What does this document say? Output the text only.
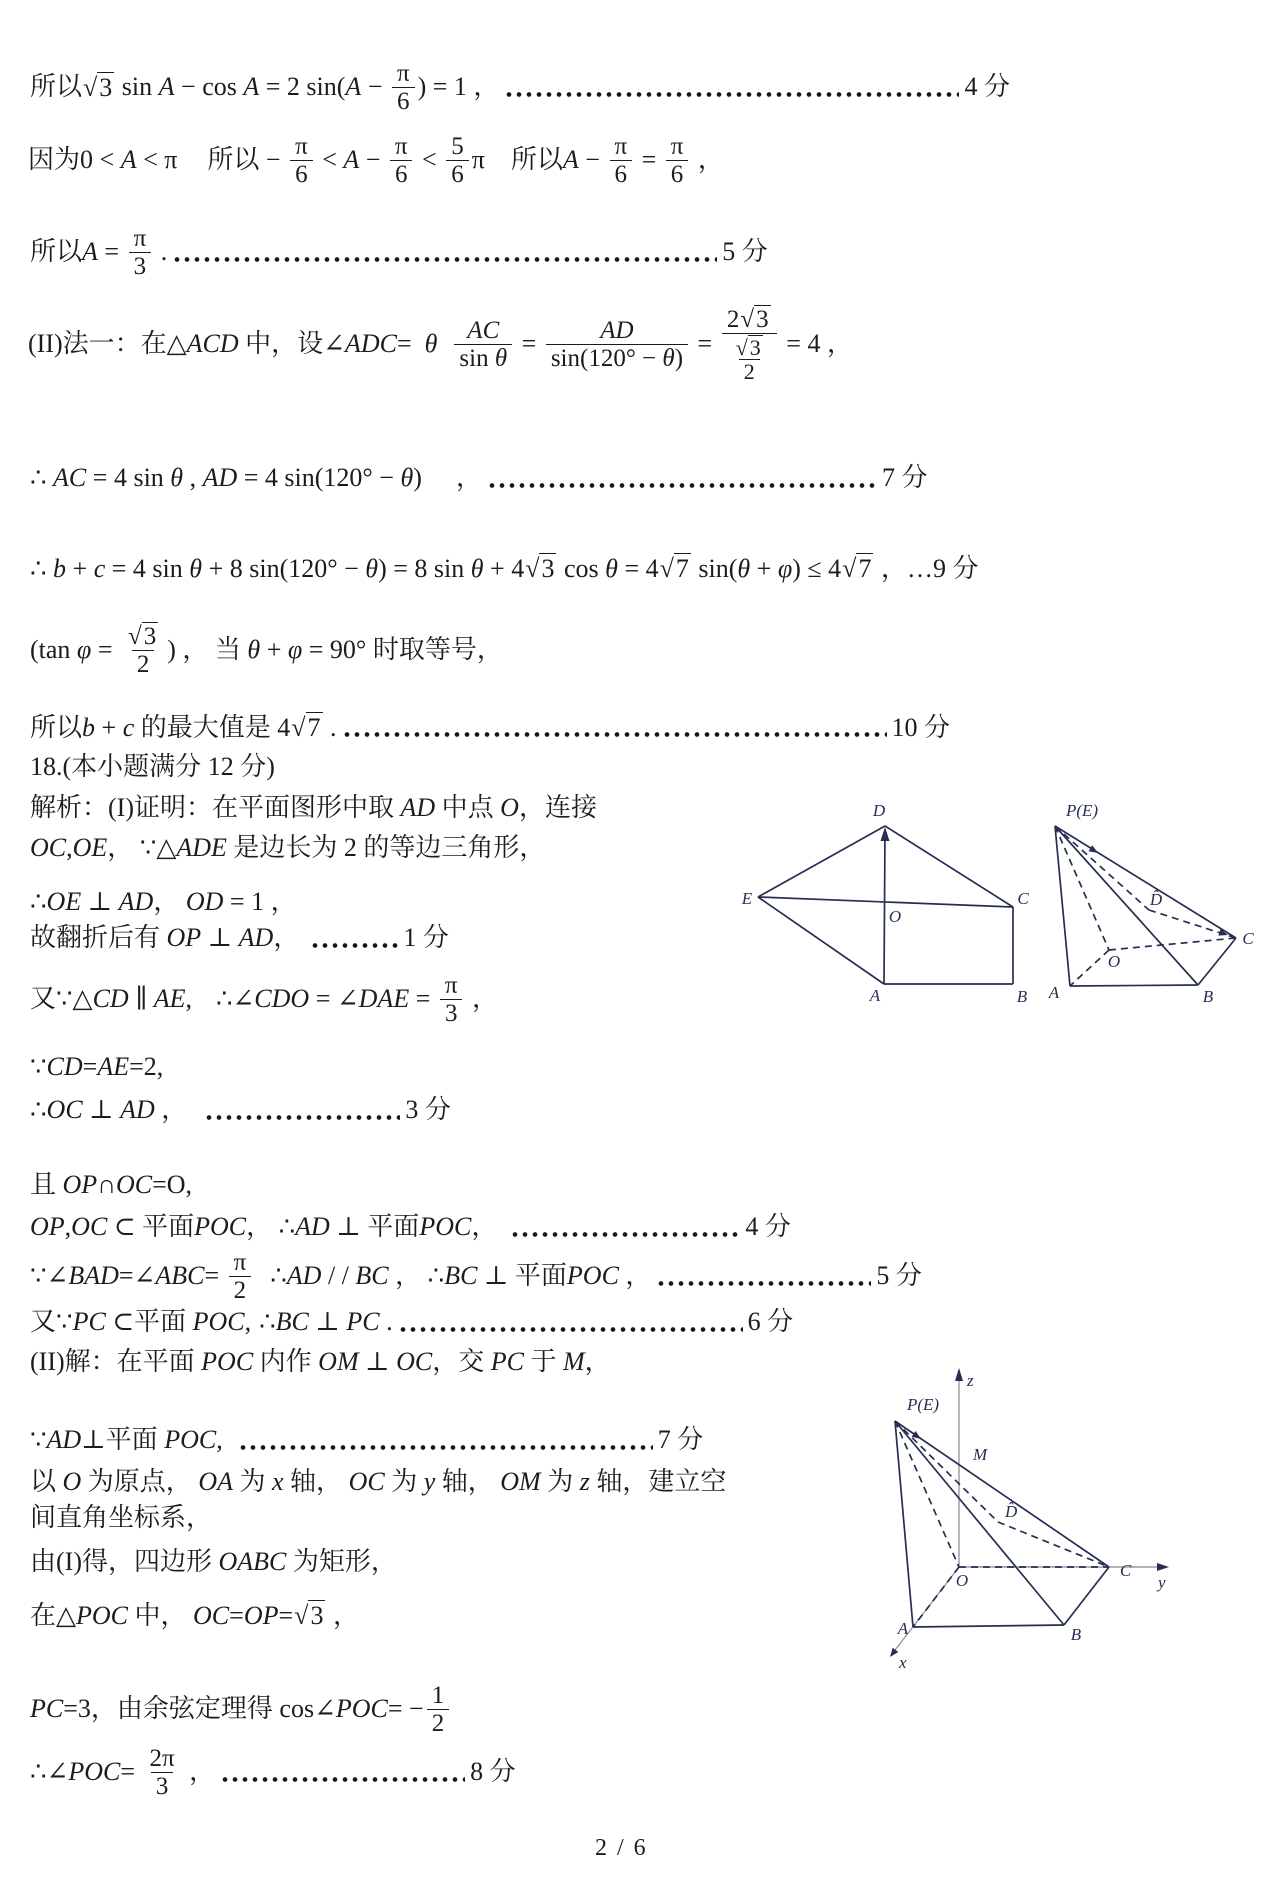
所以 √ 3 sin A − cos A = 2 sin( $A - \frac{\pi}{6}$ ) = 1 ，	4 分
因为 0 < A < π 所以 − $\frac{\pi}{6} < A - \frac{\pi}{6} < \frac{5}{6}$ π 所以 $A - \frac{\pi}{6} = \frac{\pi}{6}$ ，
所以 $A = \frac{\pi}{3}$ .	5 分
(II) 法一：在 △ ACD
中，设 ∠ ADC = θ $\frac{AC}{\text{sin θ}} = \frac{AD}{\sin(120^\circ - \theta)} = \frac{2 √ 3}{\frac{√ 3}{2}} = 4$ ，
∴ AC = 4 sin θ , AD = 4 sin(120° − θ ) ，	7 分
∴ b + c = 4 sin θ + 8 sin(120° − θ ) = 8 sin θ + 4 √ 3 cos θ = 4 √ 7 sin( θ + φ ) ≤ 4 √ 7 ，… 9 分
(tan $\varphi = \frac{√ 3}{2}$ ) ， 当 θ + φ = 90° 时取等号，
所以 b + c
的最大值是 4 √ 7 .	10 分
18.( 本小题满分 12 分 )
解析：(I)证明：在平面图形中取 AD
中点 O ，连接
OC , OE ， ∵△ ADE
是边长为 2 的等边三角形，
∴ OE ⊥ AD ，
OD = 1 ，
故翻折后有 OP ⊥ AD ，	1 分
又 ∵△ CD ∥ AE , ∴∠ CDO = ∠ DAE = $\frac{\pi}{3}$ ，
∵ CD = AE =2,
∴ OC ⊥ AD ，	3 分
且 OP ∩ OC =O,
OP , OC ⊂ 平面 POC ， ∴ AD ⊥ 平面 POC ，	4 分
∵∠ BAD =∠ ABC = $\frac{\pi}{2}$ ∴ AD / / BC ， ∴ BC ⊥ 平面 POC ，	5 分
又 ∵ PC ⊂ 平面 POC , ∴ BC ⊥ PC .	6 分
(II) 解：在平面 POC
内作 OM ⊥ OC ，交 PC
于 M ，
∵ AD ⊥ 平面 POC ,	7 分
以 O
为原点， OA
为 x
轴， OC
为 y
轴， OM
为 z
轴，建立空
间直角坐标系，
由 (I) 得，四边形 OABC
为矩形，
在 △ POC
中， OC = OP = √ 3 ，
PC =3， 由余弦定理得 cos∠ POC = − $\frac{1}{2}$
∴∠ POC = $\frac{2\pi}{3}$ ，	8 分
D
E	C
O
A	B
P(E)
A	B
C
O
D̂
P(E)
M
D̂
O
A	B
C
z
y
x
2 / 6
